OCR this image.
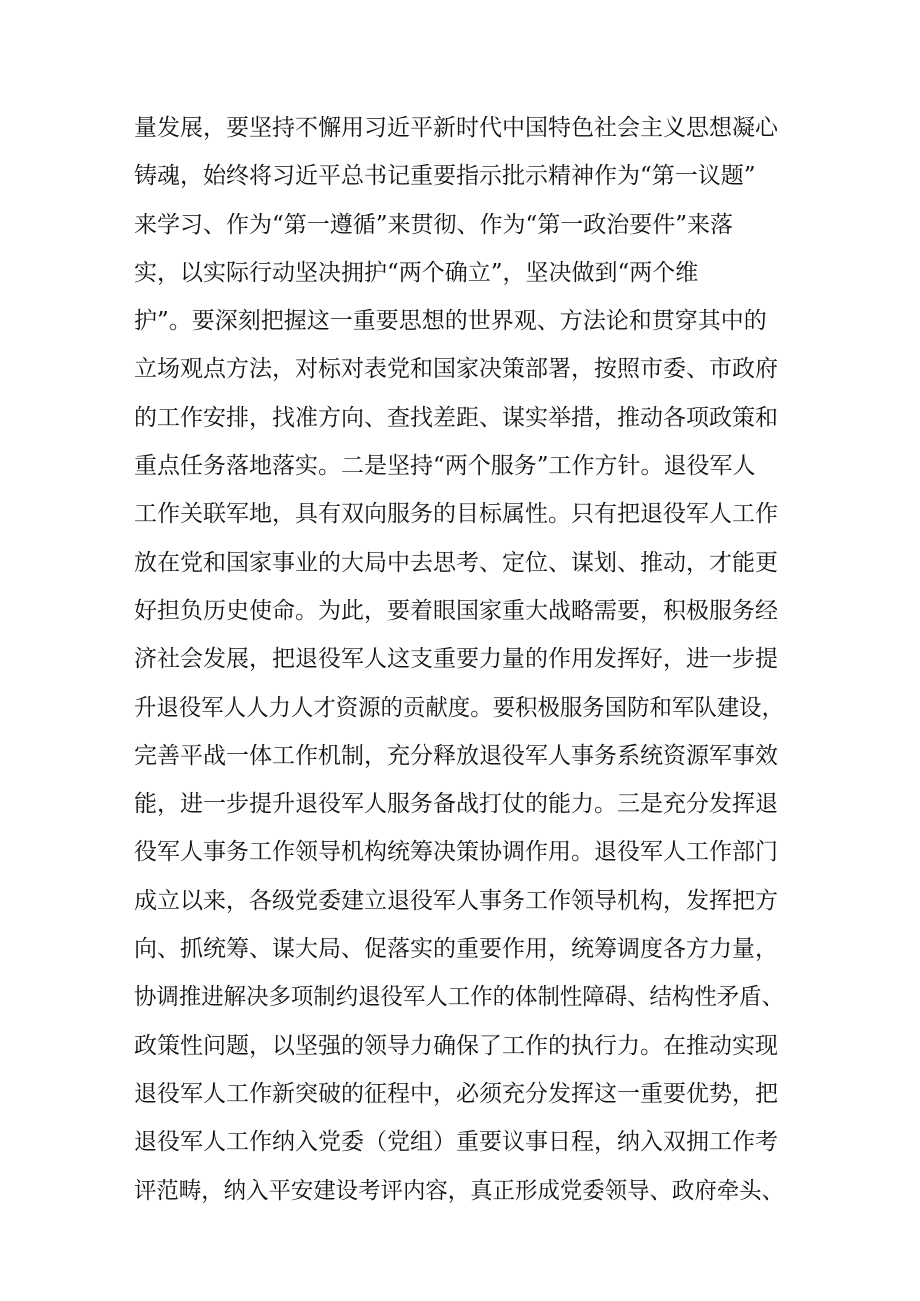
量发展，要坚持不懈用习近平新时代中国特色社会主义思想凝心
铸魂，始终将习近平总书记重要指示批示精神作为“第一议题”
来学习、作为“第一遵循”来贯彻、作为“第一政治要件”来落
实，以实际行动坚决拥护“两个确立”，坚决做到“两个维
护”。要深刻把握这一重要思想的世界观、方法论和贯穿其中的
立场观点方法，对标对表党和国家决策部署，按照市委、市政府
的工作安排，找准方向、查找差距、谋实举措，推动各项政策和
重点任务落地落实。二是坚持“两个服务”工作方针。退役军人
工作关联军地，具有双向服务的目标属性。只有把退役军人工作
放在党和国家事业的大局中去思考、定位、谋划、推动，才能更
好担负历史使命。为此，要着眼国家重大战略需要，积极服务经
济社会发展，把退役军人这支重要力量的作用发挥好，进一步提
升退役军人人力人才资源的贡献度。要积极服务国防和军队建设，
完善平战一体工作机制，充分释放退役军人事务系统资源军事效
能，进一步提升退役军人服务备战打仗的能力。三是充分发挥退
役军人事务工作领导机构统筹决策协调作用。退役军人工作部门
成立以来，各级党委建立退役军人事务工作领导机构，发挥把方
向、抓统筹、谋大局、促落实的重要作用，统筹调度各方力量，
协调推进解决多项制约退役军人工作的体制性障碍、结构性矛盾、
政策性问题，以坚强的领导力确保了工作的执行力。在推动实现
退役军人工作新突破的征程中，必须充分发挥这一重要优势，把
退役军人工作纳入党委（党组）重要议事日程，纳入双拥工作考
评范畴，纳入平安建设考评内容，真正形成党委领导、政府牵头、
